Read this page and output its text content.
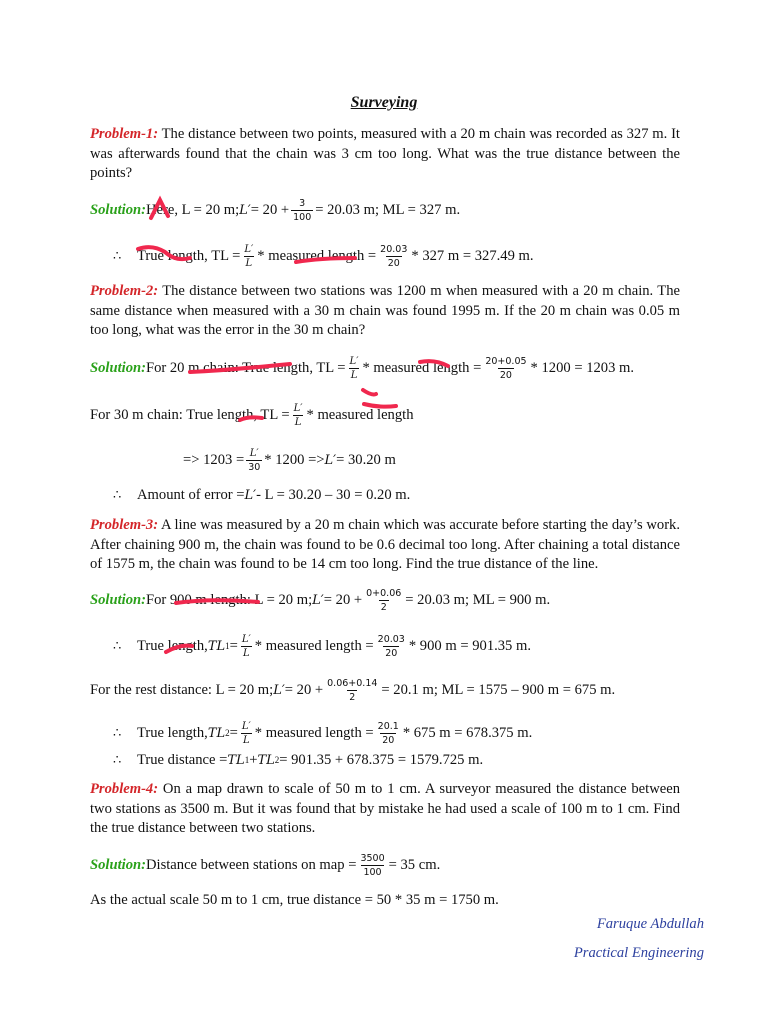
Surveying
Problem-1: The distance between two points, measured with a 20 m chain was recorded as 327 m. It was afterwards found that the chain was 3 cm too long. What was the true distance between the points?
Solution: Here, L = 20 m; $L' = 20 + \frac{3}{100} = 20.03$ m; ML = 327 m.
∴	True length, TL = $\frac{L'}{L}$ * measured length = $\frac{20.03}{20} * 327$ m = 327.49 m.
Problem-2: The distance between two stations was 1200 m when measured with a 20 m chain. The same distance when measured with a 30 m chain was found 1995 m. If the 20 m chain was 0.05 m too long, what was the error in the 30 m chain?
Solution: For 20 m chain: True length, TL = $\frac{L'}{L}$ * measured length = $\frac{20+0.05}{20} * 1200 = 1203$ m.
For 30 m chain: True length, TL = $\frac{L'}{L}$ * measured length
=> $1203 = \frac{L'}{30} * 1200 => L' = 30.20$ m
∴	Amount of error = L′ - L = 30.20 – 30 = 0.20 m.
Problem-3: A line was measured by a 20 m chain which was accurate before starting the day’s work. After chaining 900 m, the chain was found to be 0.6 decimal too long. After chaining a total distance of 1575 m, the chain was found to be 14 cm too long. Find the true distance of the line.
Solution: For 900 m length: L = 20 m; $L' = 20 + \frac{0+0.06}{2} = 20.03$ m; ML = 900 m.
∴	True length, TL $1 = \frac{L'}{L}$ * measured length = $\frac{20.03}{20} * 900$ m = 901.35 m.
For the rest distance: L = 20 m; $L' = 20 + \frac{0.06+0.14}{2} = 20.1$ m; ML = 1575 – 900 m = 675 m.
∴	True length, TL $2 = \frac{L'}{L}$ * measured length = $\frac{20.1}{20} * 675$ m = 678.375 m.
∴	True distance = TL 1 + TL 2 = 901.35 + 678.375 = 1579.725 m.
Problem-4: On a map drawn to scale of 50 m to 1 cm. A surveyor measured the distance between two stations as 3500 m. But it was found that by mistake he had used a scale of 100 m to 1 cm. Find the true distance between two stations.
Solution: Distance between stations on map = $\frac{3500}{100} = 35$ cm.
As the actual scale 50 m to 1 cm, true distance = 50 * 35 m = 1750 m.
Faruque Abdullah
Practical Engineering
